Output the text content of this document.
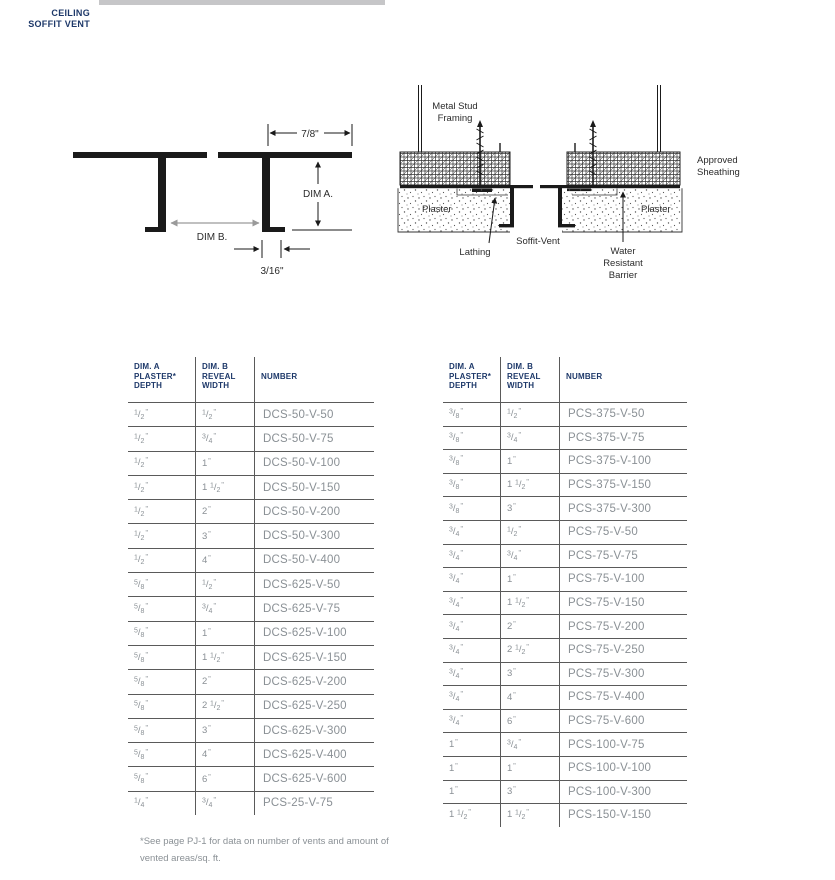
CEILING
SOFFIT VENT
7/8"
DIM A.
DIM B.
3/16"
Metal Stud
Framing
Approved
Sheathing
Plaster	Plaster
Soffit-Vent
Lathing	Water
Resistant
Barrier
DIM. A
PLASTER*
DEPTH

DIM. B
REVEAL
WIDTH

NUMBER

$^1/_2^"$	$^1/_2^"$	DCS-50-V-50
$^1/_2^"$	$^3/_4^"$	DCS-50-V-75
$^1/_2^"$	1"	DCS-50-V-100
$^1/_2^"$	1 $^1/_2^"$	DCS-50-V-150
$^1/_2^"$	2"	DCS-50-V-200
$^1/_2^"$	3"	DCS-50-V-300
$^1/_2^"$	4"	DCS-50-V-400
$^5/_8^"$	$^1/_2^"$	DCS-625-V-50
$^5/_8^"$	$^3/_4^"$	DCS-625-V-75
$^5/_8^"$	1"	DCS-625-V-100
$^5/_8^"$	1 $^1/_2^"$	DCS-625-V-150
$^5/_8^"$	2"	DCS-625-V-200
$^5/_8^"$	2 $^1/_2^"$	DCS-625-V-250
$^5/_8^"$	3"	DCS-625-V-300
$^5/_8^"$	4"	DCS-625-V-400
$^5/_8^"$	6"	DCS-625-V-600
$^1/_4^"$	$^3/_4^"$	PCS-25-V-75
DIM. A
PLASTER*
DEPTH

DIM. B
REVEAL
WIDTH

NUMBER

$^3/_8^"$	$^1/_2^"$	PCS-375-V-50
$^3/_8^"$	$^3/_4^"$	PCS-375-V-75
$^3/_8^"$	1"	PCS-375-V-100
$^3/_8^"$	1 $^1/_2^"$	PCS-375-V-150
$^3/_8^"$	3"	PCS-375-V-300
$^3/_4^"$	$^1/_2^"$	PCS-75-V-50
$^3/_4^"$	$^3/_4^"$	PCS-75-V-75
$^3/_4^"$	1"	PCS-75-V-100
$^3/_4^"$	1 $^1/_2^"$	PCS-75-V-150
$^3/_4^"$	2"	PCS-75-V-200
$^3/_4^"$	2 $^1/_2^"$	PCS-75-V-250
$^3/_4^"$	3"	PCS-75-V-300
$^3/_4^"$	4"	PCS-75-V-400
$^3/_4^"$	6"	PCS-75-V-600
1"	$^3/_4^"$	PCS-100-V-75
1"	1"	PCS-100-V-100
1"	3"	PCS-100-V-300
1 $^1/_2^"$	1 $^1/_2^"$	PCS-150-V-150
*See page PJ-1 for data on number of vents and amount of
vented areas/sq. ft.
